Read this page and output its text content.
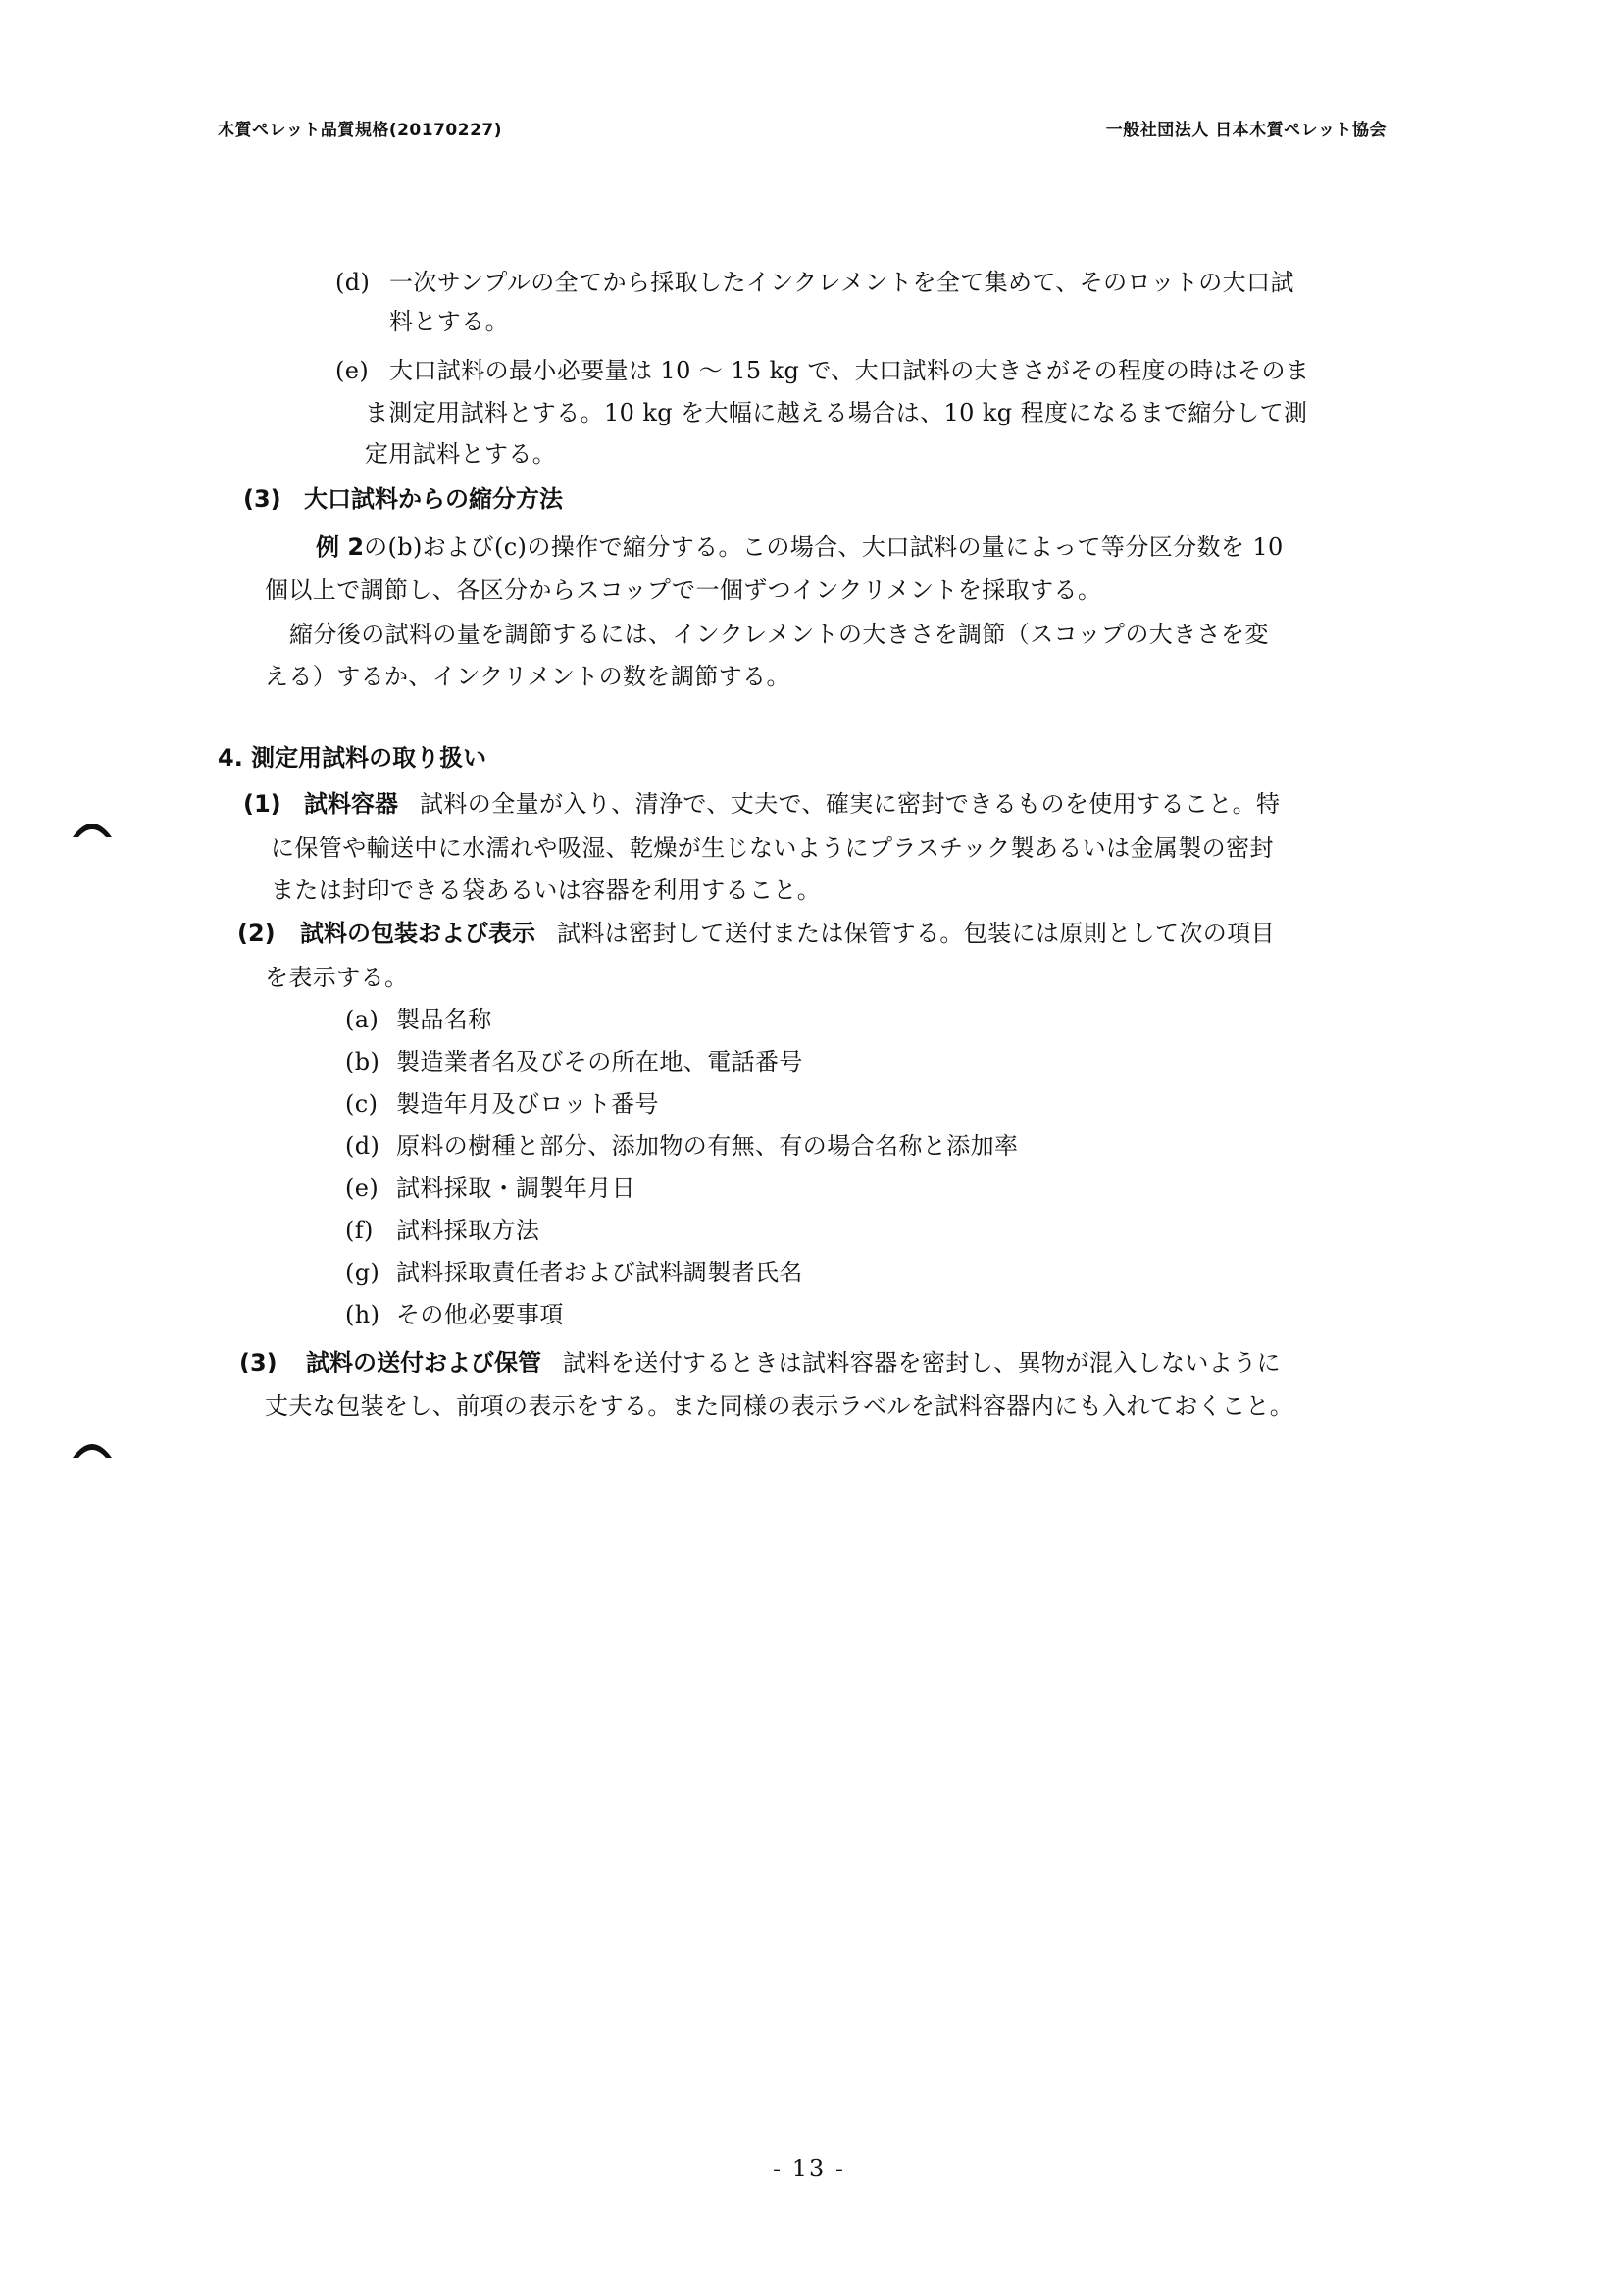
木質ペレット品質規格(20170227)	一般社団法人 日本木質ペレット協会
(d) 一次サンプルの全てから採取したインクレメントを全て集めて、そのロットの大口試
料とする。
(e) 大口試料の最小必要量は 10 〜 15 kg で、大口試料の大きさがその程度の時はそのま
ま測定用試料とする。10 kg を大幅に越える場合は、10 kg 程度になるまで縮分して測
定用試料とする。
(3) 大口試料からの縮分方法
例 2の(b)および(c)の操作で縮分する。この場合、大口試料の量によって等分区分数を 10
個以上で調節し、各区分からスコップで一個ずつインクリメントを採取する。
縮分後の試料の量を調節するには、インクレメントの大きさを調節（スコップの大きさを変
える）するか、インクリメントの数を調節する。
4. 測定用試料の取り扱い
(1) 試料容器 試料の全量が入り、清浄で、丈夫で、確実に密封できるものを使用すること。特
に保管や輸送中に水濡れや吸湿、乾燥が生じないようにプラスチック製あるいは金属製の密封
または封印できる袋あるいは容器を利用すること。
(2) 試料の包装および表示 試料は密封して送付または保管する。包装には原則として次の項目
を表示する。
(a) 製品名称
(b) 製造業者名及びその所在地、電話番号
(c) 製造年月及びロット番号
(d) 原料の樹種と部分、添加物の有無、有の場合名称と添加率
(e) 試料採取・調製年月日
(f) 試料採取方法
(g) 試料採取責任者および試料調製者氏名
(h) その他必要事項
(3) 試料の送付および保管 試料を送付するときは試料容器を密封し、異物が混入しないように
丈夫な包装をし、前項の表示をする。また同様の表示ラベルを試料容器内にも入れておくこと。
- 13 -
